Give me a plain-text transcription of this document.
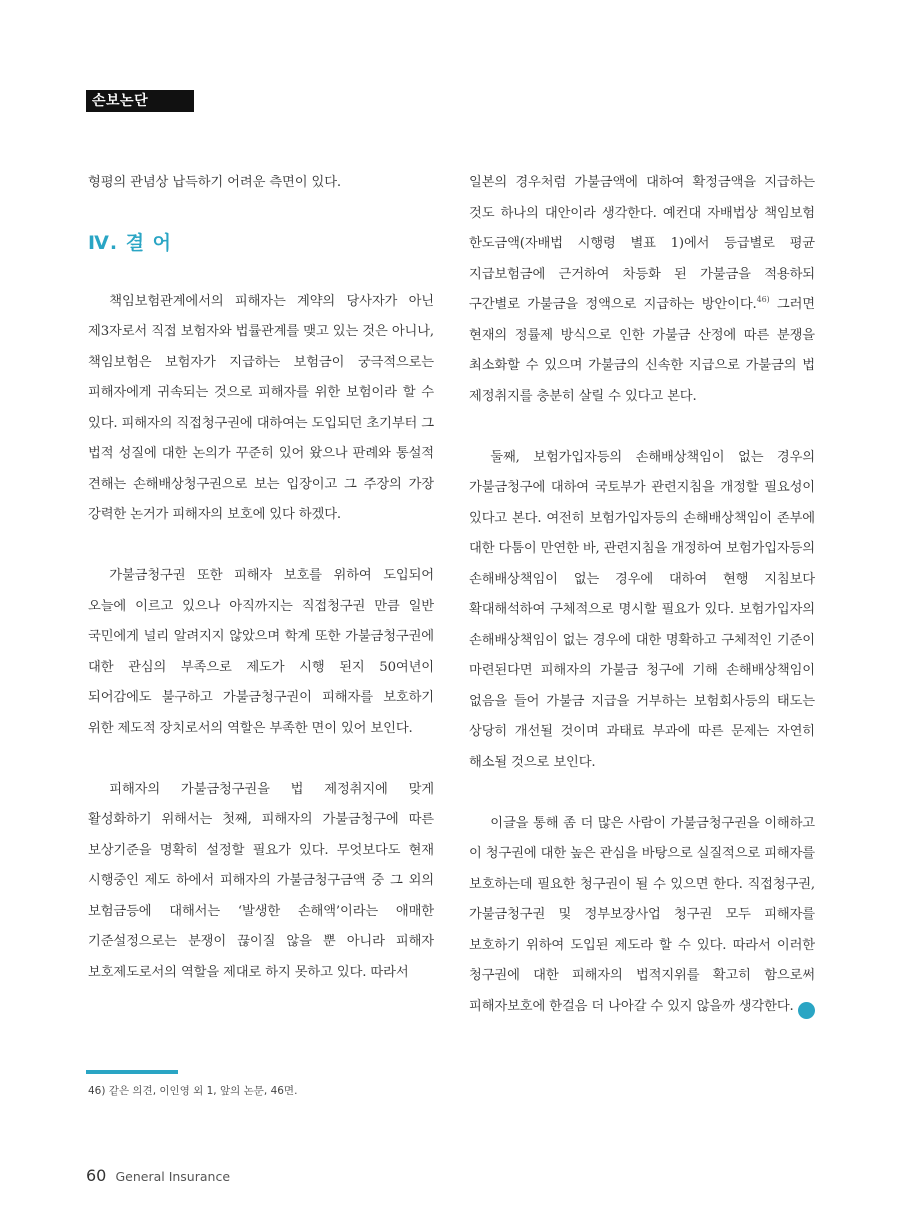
손보논단

형평의 관념상 납득하기 어려운 측면이 있다.

Ⅳ. 결 어

책임보험관계에서의 피해자는 계약의 당사자가 아닌 제3자로서 직접 보험자와 법률관계를 맺고 있는 것은 아니나, 책임보험은 보험자가 지급하는 보험금이 궁극적으로는 피해자에게 귀속되는 것으로 피해자를 위한 보험이라 할 수 있다. 피해자의 직접청구권에 대하여는 도입되던 초기부터 그 법적 성질에 대한 논의가 꾸준히 있어 왔으나 판례와 통설적 견해는 손해배상청구권으로 보는 입장이고 그 주장의 가장 강력한 논거가 피해자의 보호에 있다 하겠다.

가불금청구권 또한 피해자 보호를 위하여 도입되어 오늘에 이르고 있으나 아직까지는 직접청구권 만큼 일반 국민에게 널리 알려지지 않았으며 학계 또한 가불금청구권에 대한 관심의 부족으로 제도가 시행 된지 50여년이 되어감에도 불구하고 가불금청구권이 피해자를 보호하기 위한 제도적 장치로서의 역할은 부족한 면이 있어 보인다.

피해자의 가불금청구권을 법 제정취지에 맞게 활성화하기 위해서는 첫째, 피해자의 가불금청구에 따른 보상기준을 명확히 설정할 필요가 있다. 무엇보다도 현재 시행중인 제도 하에서 피해자의 가불금청구금액 중 그 외의 보험금등에 대해서는 ‘발생한 손해액’이라는 애매한 기준설정으로는 분쟁이 끊이질 않을 뿐 아니라 피해자 보호제도로서의 역할을 제대로 하지 못하고 있다. 따라서

일본의 경우처럼 가불금액에 대하여 확정금액을 지급하는 것도 하나의 대안이라 생각한다. 예컨대 자배법상 책임보험 한도금액(자배법 시행령 별표 1)에서 등급별로 평균 지급보험금에 근거하여 차등화 된 가불금을 적용하되 구간별로 가불금을 정액으로 지급하는 방안이다.$^{46)}$ 그러면 현재의 정률제 방식으로 인한 가불금 산정에 따른 분쟁을 최소화할 수 있으며 가불금의 신속한 지급으로 가불금의 법 제정취지를 충분히 살릴 수 있다고 본다.

둘째, 보험가입자등의 손해배상책임이 없는 경우의 가불금청구에 대하여 국토부가 관련지침을 개정할 필요성이 있다고 본다. 여전히 보험가입자등의 손해배상책임이 존부에 대한 다툼이 만연한 바, 관련지침을 개정하여 보험가입자등의 손해배상책임이 없는 경우에 대하여 현행 지침보다 확대해석하여 구체적으로 명시할 필요가 있다. 보험가입자의 손해배상책임이 없는 경우에 대한 명확하고 구체적인 기준이 마련된다면 피해자의 가불금 청구에 기해 손해배상책임이 없음을 들어 가불금 지급을 거부하는 보험회사등의 태도는 상당히 개선될 것이며 과태료 부과에 따른 문제는 자연히 해소될 것으로 보인다.

이글을 통해 좀 더 많은 사람이 가불금청구권을 이해하고 이 청구권에 대한 높은 관심을 바탕으로 실질적으로 피해자를 보호하는데 필요한 청구권이 될 수 있으면 한다. 직접청구권, 가불금청구권 및 정부보장사업 청구권 모두 피해자를 보호하기 위하여 도입된 제도라 할 수 있다. 따라서 이러한 청구권에 대한 피해자의 법적지위를 확고히 함으로써 피해자보호에 한걸음 더 나아갈 수 있지 않을까 생각한다.	손

46) 같은 의견, 이인영 외 1, 앞의 논문, 46면.
60 General Insurance
